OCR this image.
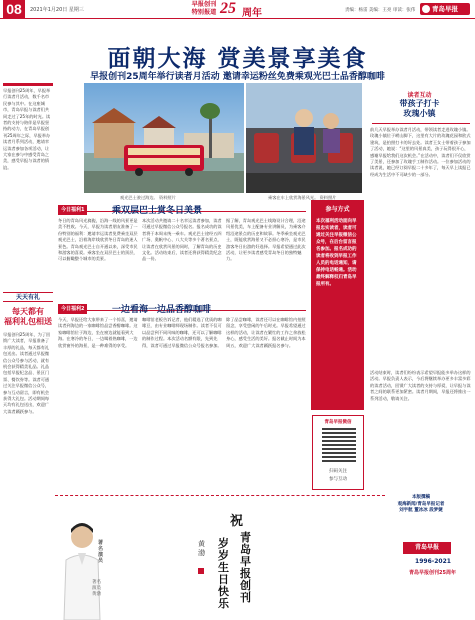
08	2021年1月20日 星期三
早报创刊
特别报道 25 周年	责编：杨雷 美编：王亮 审读：张伟	青岛早报
面朝大海 赏美景享美食
早报创刊25周年举行读者月活动 邀请幸运粉丝免费乘观光巴士品香醇咖啡
早报创刊25周年，早报举行读者月活动，数千名市民参与其中。在这座城市，青岛早报与读者们共同走过了25年的时光。读者的支持与陪伴是早报坚持的动力，在青岛早报创刊25周年之际，早报举办读者月系列活动，邀请幸运读者参加各项活动，让大家在参与中感受青岛之美，感受早报与读者的情谊。
天天有礼
每天都有
福利礼包相送
早报创刊25周年，为了回馈广大读者，早报准备了丰厚的礼品，每天都有礼包送出。读者通过早报微信公众号参与活动，就有机会获得精美礼品。礼品包括早报纪念品、景区门票、餐饮券等。读者可通过关注早报微信公众号，参与互动留言，即有机会获得大礼包。活动期间每天均有礼包送出，欢迎广大读者踊跃参与。
观光巴士驶过海边。 资料照片	乘客在车上欣赏海景风光。 资料照片
今日福利1	乘双层巴士赏冬日美景
冬日的青岛风光旖旎，沿海一线的风景更是美不胜收。今天，早报为读者朋友准备了一份特别的福利：邀请幸运读者免费乘坐双层观光巴士，沿着海岸线欣赏冬日青岛的迷人景色。青岛观光巴士自开通以来，深受市民和游客的喜爱。乘客坐在双层巴士的顶层，可以俯瞰整个城市的美景。
本次活动共邀请二十名幸运读者参加，读者可通过早报微信公众号报名。报名成功的读者将于本周末统一乘车。观光巴士途经五四广场、奥帆中心、八大关等多个著名景点，让读者在欣赏风景的同时，了解青岛的历史文化。活动结束后，读者还将获得精美纪念品一份。
据了解，青岛观光巴士线路设计合理，沿途风景优美，车上配备专业讲解员，为乘客介绍沿途景点的历史和故事。冬季乘坐观光巴士，既能欣赏海景又不必担心寒冷，是市民游客冬日出游的好选择。早报希望通过此次活动，让更多读者感受青岛冬日的独特魅力。
今日福利2	一边看海一边品香醇咖啡
今天，早报还给大家带来了一个惊喜，邀请读者到海边的一家咖啡馆品尝香醇咖啡。这家咖啡馆位于海边，坐在窗边就能看到大海。在寒冷的冬日，一边喝着热咖啡，一边欣赏窗外的海景，是一种难得的享受。
咖啡馆老板告诉记者，他们精选了优质的咖啡豆，由专业咖啡师现场制作。读者不仅可以品尝到不同风味的咖啡，还可以了解咖啡的制作过程。本次活动名额有限，先到先得，读者可通过早报微信公众号报名参加。
除了品尝咖啡，读者还可以在咖啡馆内拍照留念，享受悠闲的午后时光。早报希望通过这样的活动，让读者在繁忙的工作之余放松身心，感受生活的美好。报名截止时间为本周五，欢迎广大读者踊跃报名参与。
参与方式
本次福利活动面向早报忠实读者，读者可通过关注早报微信公众号，在后台留言报名参加。报名成功的读者将收到早报工作人员的电话通知，请保持电话畅通。活动最终解释权归青岛早报所有。
青岛早报微信
扫码关注
参与互动
读者互动
带孩子打卡
玫瑰小镇
前几天早报举办读者月活动，带领读者走进玫瑰小镇。玫瑰小镇位于崂山脚下，这里有大片的玫瑰花园和欧式建筑，是拍照打卡的好去处。读者王女士带着孩子参加了活动，她说：“这里的风景真美，孩子玩得很开心，感谢早报给我们这次机会。”在活动中，读者们不仅欣赏了美景，还参加了玫瑰手工制作活动。一位参加活动的读者说，她已经订阅早报二十多年了，每天早上读报已经成为生活中不可缺少的一部分。
活动结束时，读者们纷纷表示希望早报能多举办这样的活动。早报负责人表示，今后将继续举办更多丰富多彩的读者活动，回馈广大读者的支持与厚爱，让早报与读者之间的联系更加紧密。读者月期间，早报还将推出一系列活动，敬请关注。
本版撰稿
观海新闻/青岛早报记者
刘宇航 董冰冰 段梦婕
著名演员
著名演员 黄渤
祝
青岛早报创刊
岁岁生日快乐
黄 渤
青岛早报
1996-2021
青岛早报创刊25周年
